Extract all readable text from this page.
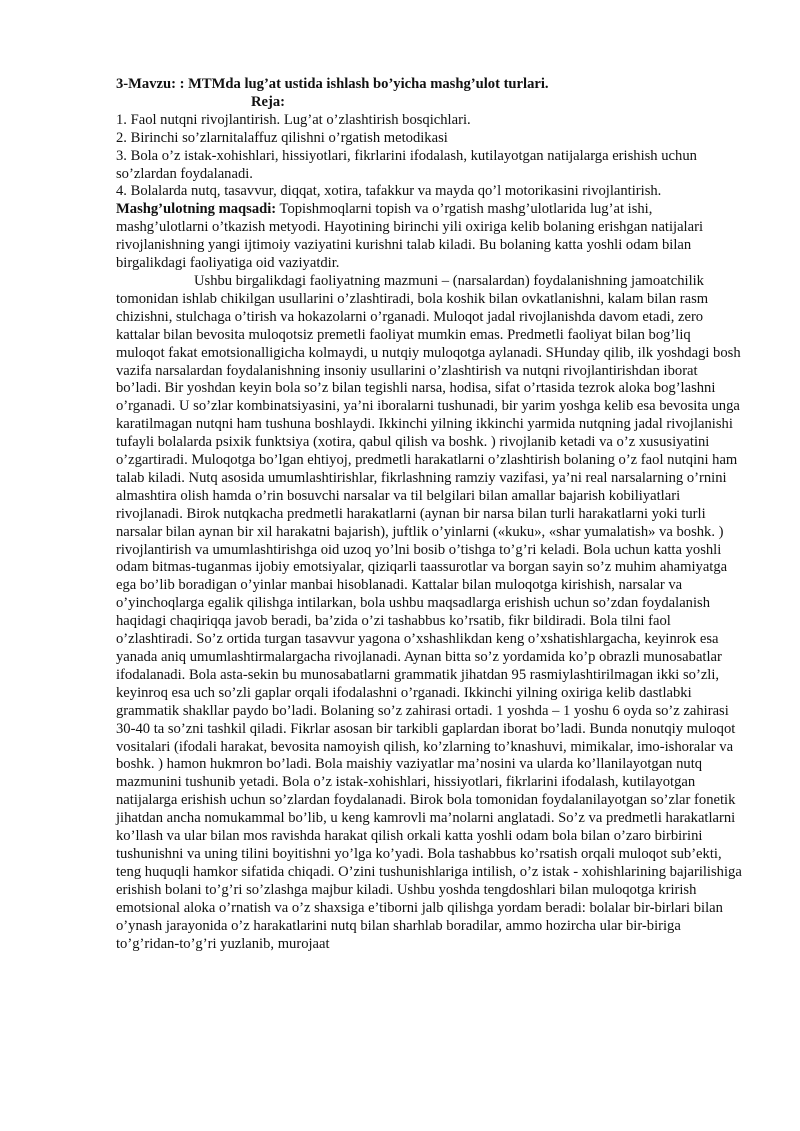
3-Mavzu: : MTMda lug’at ustida ishlash bo’yicha mashg’ulot turlari.

Reja:

1. Faol nutqni rivojlantirish. Lug’at o’zlashtirish bosqichlari.

2. Birinchi so’zlarnitalaffuz qilishni o’rgatish metodikasi

3. Bola o’z istak-xohishlari, hissiyotlari, fikrlarini ifodalash, kutilayotgan natijalarga erishish uchun so’zlardan foydalanadi.

4. Bolalarda nutq, tasavvur, diqqat, xotira, tafakkur va mayda qo’l motorikasini rivojlantirish.

Mashg’ulotning maqsadi: Topishmoqlarni topish va o’rgatish mashg’ulotlarida lug’at ishi, mashg’ulotlarni o’tkazish metyodi. Hayotining birinchi yili oxiriga kelib bolaning erishgan natijalari rivojlanishning yangi ijtimoiy vaziyatini kurishni talab kiladi. Bu bolaning katta yoshli odam bilan birgalikdagi faoliyatiga oid vaziyatdir.

Ushbu birgalikdagi faoliyatning mazmuni – (narsalardan) foydalanishning jamoatchilik tomonidan ishlab chikilgan usullarini o’zlashtiradi, bola koshik bilan ovkatlanishni, kalam bilan rasm chizishni, stulchaga o’tirish va hokazolarni o’rganadi. Muloqot jadal rivojlanishda davom etadi, zero kattalar bilan bevosita muloqotsiz premetli faoliyat mumkin emas. Predmetli faoliyat bilan bog’liq muloqot fakat emotsionalligicha kolmaydi, u nutqiy muloqotga aylanadi. SHunday qilib, ilk yoshdagi bosh vazifa narsalardan foydalanishning insoniy usullarini o’zlashtirish va nutqni rivojlantirishdan iborat bo’ladi. Bir yoshdan keyin bola so’z bilan tegishli narsa, hodisa, sifat o’rtasida tezrok aloka bog’lashni o’rganadi. U so’zlar kombinatsiyasini, ya’ni iboralarni tushunadi, bir yarim yoshga kelib esa bevosita unga karatilmagan nutqni ham tushuna boshlaydi. Ikkinchi yilning ikkinchi yarmida nutqning jadal rivojlanishi tufayli bolalarda psixik funktsiya (xotira, qabul qilish va boshk. ) rivojlanib ketadi va o’z xususiyatini o’zgartiradi. Muloqotga bo’lgan ehtiyoj, predmetli harakatlarni o’zlashtirish bolaning o’z faol nutqini ham talab kiladi. Nutq asosida umumlashtirishlar, fikrlashning ramziy vazifasi, ya’ni real narsalarning o’rnini almashtira olish hamda o’rin bosuvchi narsalar va til belgilari bilan amallar bajarish kobiliyatlari rivojlanadi. Birok nutqkacha predmetli harakatlarni (aynan bir narsa bilan turli harakatlarni yoki turli narsalar bilan aynan bir xil harakatni bajarish), juftlik o’yinlarni («kuku», «shar yumalatish» va boshk. ) rivojlantirish va umumlashtirishga oid uzoq yo’lni bosib o’tishga to’g’ri keladi. Bola uchun katta yoshli odam bitmas-tuganmas ijobiy emotsiyalar, qiziqarli taassurotlar va borgan sayin so’z muhim ahamiyatga ega bo’lib boradigan o’yinlar manbai hisoblanadi. Kattalar bilan muloqotga kirishish, narsalar va o’yinchoqlarga egalik qilishga intilarkan, bola ushbu maqsadlarga erishish uchun so’zdan foydalanish haqidagi chaqiriqqa javob beradi, ba’zida o’zi tashabbus ko’rsatib, fikr bildiradi. Bola tilni faol o’zlashtiradi. So’z ortida turgan tasavvur yagona o’xshashlikdan keng o’xshatishlargacha, keyinrok esa yanada aniq umumlashtirmalargacha rivojlanadi. Aynan bitta so’z yordamida ko’p obrazli munosabatlar ifodalanadi. Bola asta-sekin bu munosabatlarni grammatik jihatdan 95 rasmiylashtirilmagan ikki so’zli, keyinroq esa uch so’zli gaplar orqali ifodalashni o’rganadi. Ikkinchi yilning oxiriga kelib dastlabki grammatik shakllar paydo bo’ladi. Bolaning so’z zahirasi ortadi. 1 yoshda – 1 yoshu 6 oyda so’z zahirasi 30-40 ta so’zni tashkil qiladi. Fikrlar asosan bir tarkibli gaplardan iborat bo’ladi. Bunda nonutqiy muloqot vositalari (ifodali harakat, bevosita namoyish qilish, ko’zlarning to’knashuvi, mimikalar, imo-ishoralar va boshk. ) hamon hukmron bo’ladi. Bola maishiy vaziyatlar ma’nosini va ularda ko’llanilayotgan nutq mazmunini tushunib yetadi. Bola o’z istak-xohishlari, hissiyotlari, fikrlarini ifodalash, kutilayotgan natijalarga erishish uchun so’zlardan foydalanadi. Birok bola tomonidan foydalanilayotgan so’zlar fonetik jihatdan ancha nomukammal bo’lib, u keng kamrovli ma’nolarni anglatadi. So’z va predmetli harakatlarni ko’llash va ular bilan mos ravishda harakat qilish orkali katta yoshli odam bola bilan o’zaro birbirini tushunishni va uning tilini boyitishni yo’lga ko’yadi. Bola tashabbus ko’rsatish orqali muloqot sub’ekti, teng huquqli hamkor sifatida chiqadi. O’zini tushunishlariga intilish, o’z istak - xohishlarining bajarilishiga erishish bolani to’g’ri so’zlashga majbur kiladi. Ushbu yoshda tengdoshlari bilan muloqotga krirish emotsional aloka o’rnatish va o’z shaxsiga e’tiborni jalb qilishga yordam beradi: bolalar bir-birlari bilan o’ynash jarayonida o’z harakatlarini nutq bilan sharhlab boradilar, ammo hozircha ular bir-biriga to’g’ridan-to’g’ri yuzlanib, murojaat
